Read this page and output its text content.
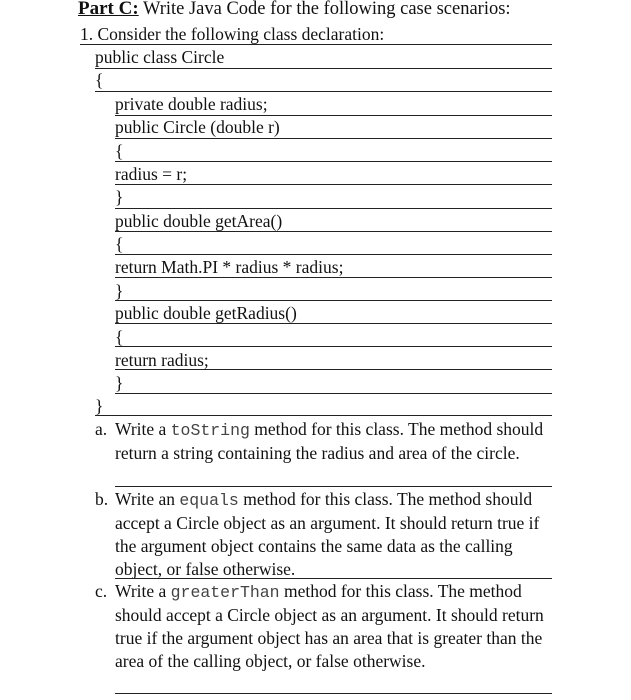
Part C: Write Java Code for the following case scenarios:
1. Consider the following class declaration:
public class Circle
{
private double radius;
public Circle (double r)
{
radius = r;
}
public double getArea()
{
return Math.PI * radius * radius;
}
public double getRadius()
{
return radius;
}
}
a. Write a toString method for this class. The method should return a string containing the radius and area of the circle.
b. Write an equals method for this class. The method should accept a Circle object as an argument. It should return true if the argument object contains the same data as the calling object, or false otherwise.
c. Write a greaterThan method for this class. The method should accept a Circle object as an argument. It should return true if the argument object has an area that is greater than the area of the calling object, or false otherwise.
